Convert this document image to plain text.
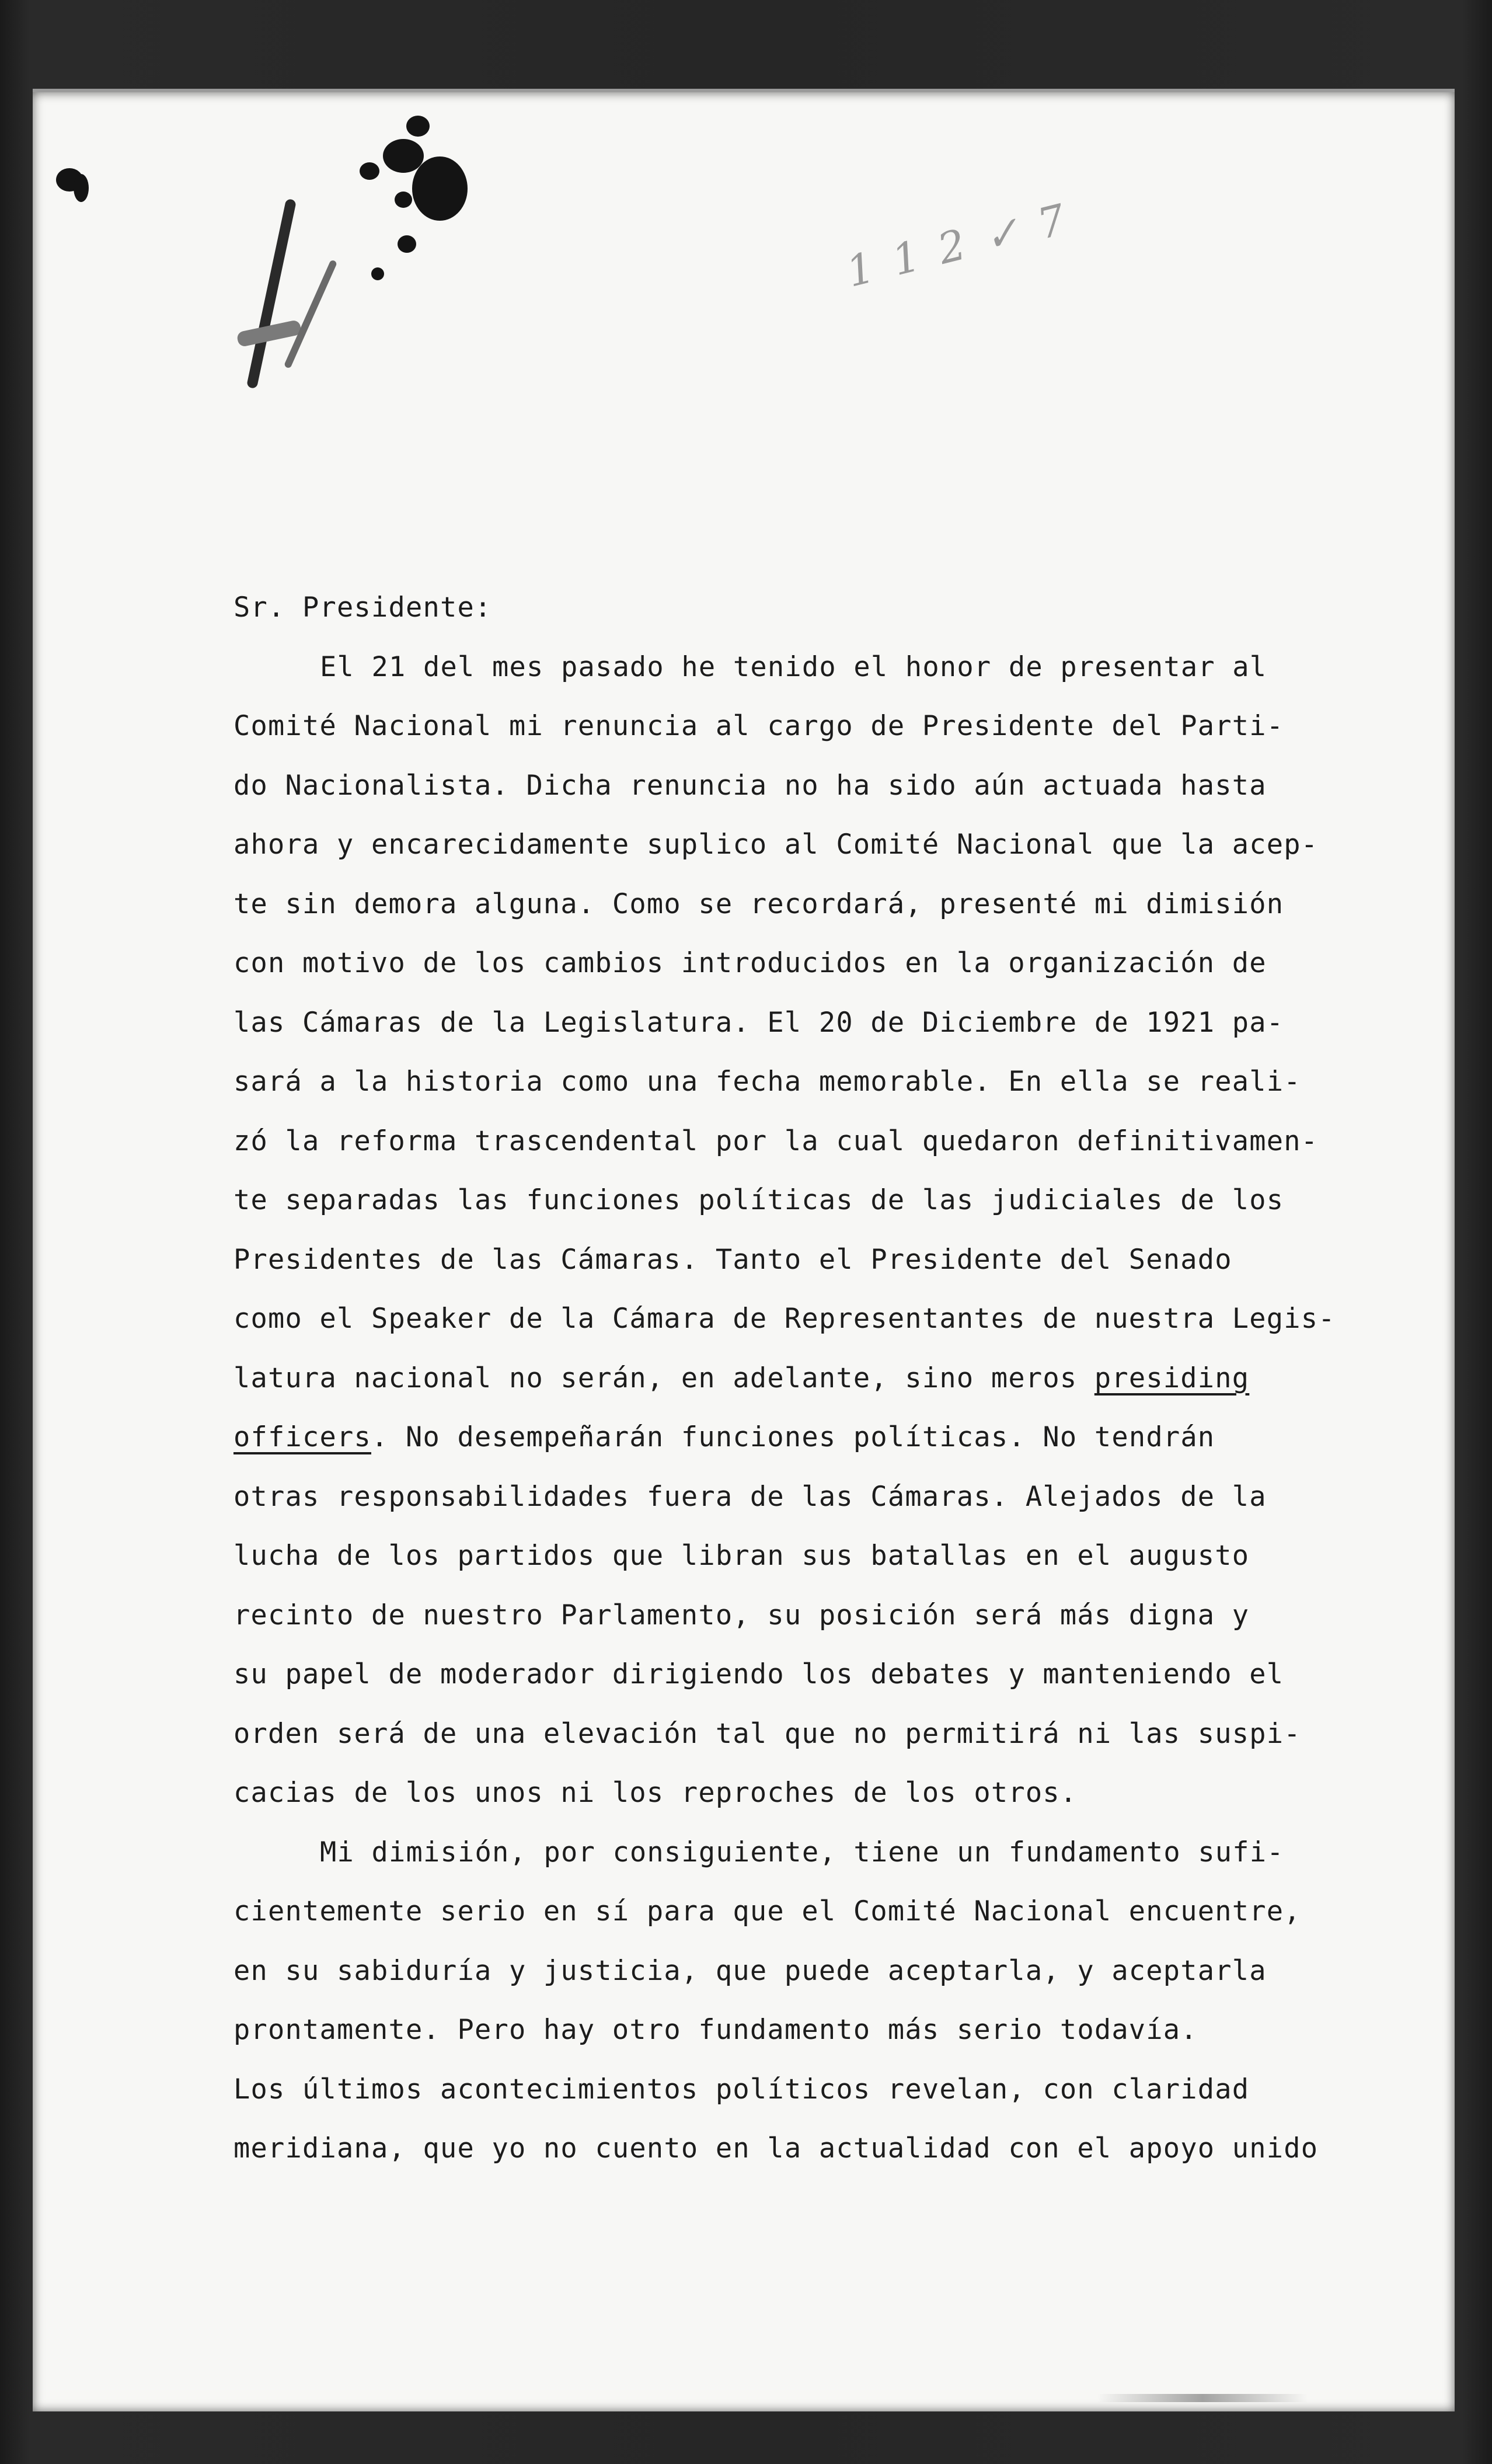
1 1 2 ✓ 7

Sr. Presidente:

El 21 del mes pasado he tenido el honor de presentar al
Comité Nacional mi renuncia al cargo de Presidente del Parti-
do Nacionalista. Dicha renuncia no ha sido aún actuada hasta
ahora y encarecidamente suplico al Comité Nacional que la acep-
te sin demora alguna. Como se recordará, presenté mi dimisión
con motivo de los cambios introducidos en la organización de
las Cámaras de la Legislatura. El 20 de Diciembre de 1921 pa-
sará a la historia como una fecha memorable. En ella se reali-
zó la reforma trascendental por la cual quedaron definitivamen-
te separadas las funciones políticas de las judiciales de los
Presidentes de las Cámaras. Tanto el Presidente del Senado
como el Speaker de la Cámara de Representantes de nuestra Legis-
latura nacional no serán, en adelante, sino meros presiding
officers. No desempeñarán funciones políticas. No tendrán
otras responsabilidades fuera de las Cámaras. Alejados de la
lucha de los partidos que libran sus batallas en el augusto
recinto de nuestro Parlamento, su posición será más digna y
su papel de moderador dirigiendo los debates y manteniendo el
orden será de una elevación tal que no permitirá ni las suspi-
cacias de los unos ni los reproches de los otros.
Mi dimisión, por consiguiente, tiene un fundamento sufi-
cientemente serio en sí para que el Comité Nacional encuentre,
en su sabiduría y justicia, que puede aceptarla, y aceptarla
prontamente. Pero hay otro fundamento más serio todavía.
Los últimos acontecimientos políticos revelan, con claridad
meridiana, que yo no cuento en la actualidad con el apoyo unido
